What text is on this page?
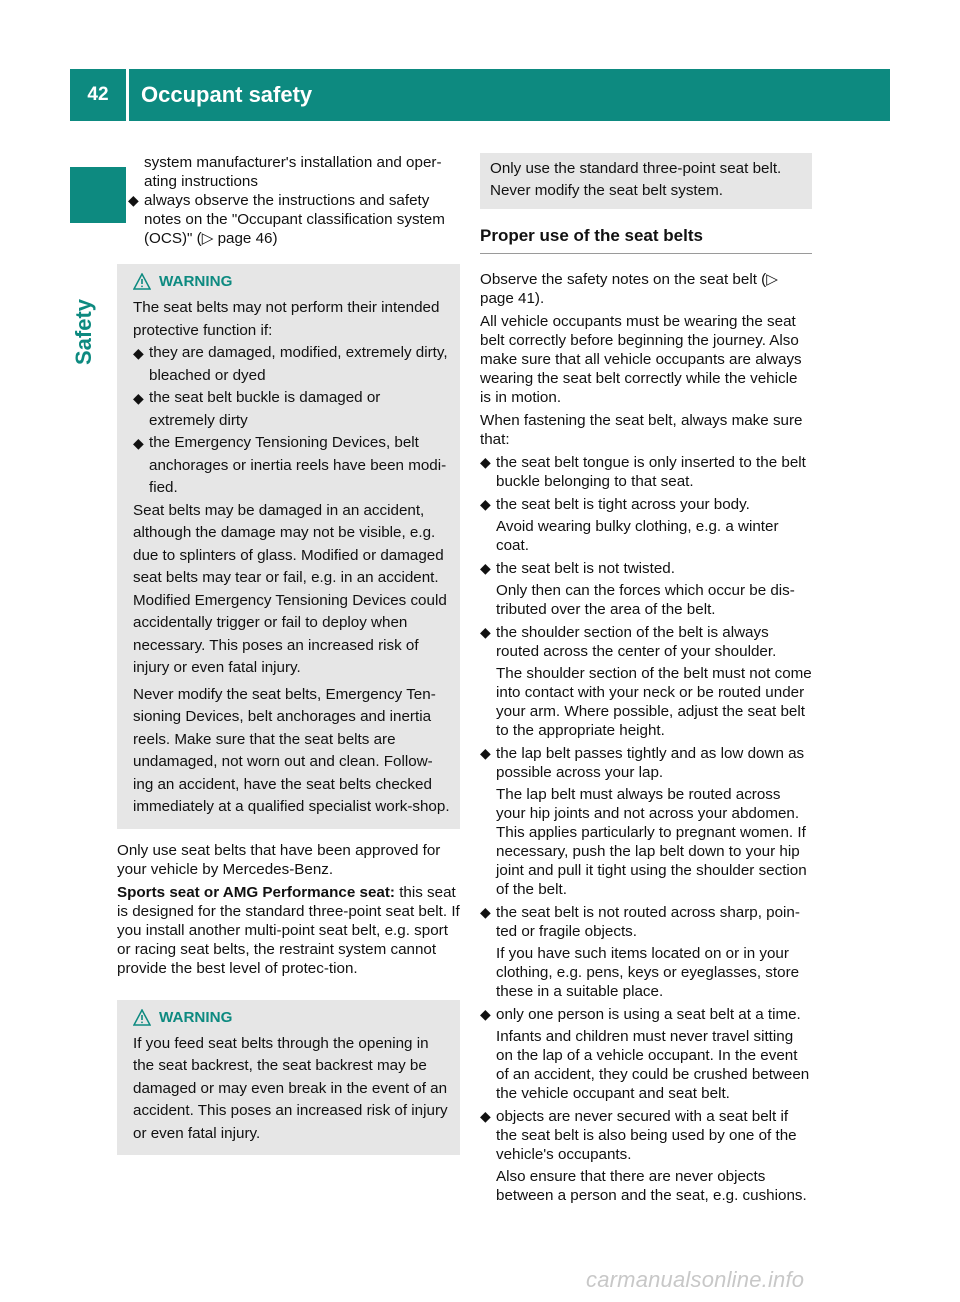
42	Occupant safety
Safety
system manufacturer's installation and oper-
ating instructions
◆ always observe the instructions and safety notes on the "Occupant classification system (OCS)" (▷ page 46)
WARNING

The seat belts may not perform their intended protective function if:

◆ they are damaged, modified, extremely dirty, bleached or dyed
◆ the seat belt buckle is damaged or extremely dirty
◆ the Emergency Tensioning Devices, belt anchorages or inertia reels have been modi-fied.

Seat belts may be damaged in an accident, although the damage may not be visible, e.g. due to splinters of glass. Modified or damaged seat belts may tear or fail, e.g. in an accident. Modified Emergency Tensioning Devices could accidentally trigger or fail to deploy when necessary. This poses an increased risk of injury or even fatal injury.

Never modify the seat belts, Emergency Ten-sioning Devices, belt anchorages and inertia reels. Make sure that the seat belts are undamaged, not worn out and clean. Follow-ing an accident, have the seat belts checked immediately at a qualified specialist work-shop.

Only use seat belts that have been approved for your vehicle by Mercedes-Benz.

Sports seat or AMG Performance seat: this seat is designed for the standard three-point seat belt. If you install another multi-point seat belt, e.g. sport or racing seat belts, the restraint system cannot provide the best level of protec-tion.

WARNING

If you feed seat belts through the opening in the seat backrest, the seat backrest may be damaged or may even break in the event of an accident. This poses an increased risk of injury or even fatal injury.

Only use the standard three-point seat belt. Never modify the seat belt system.
Proper use of the seat belts

Observe the safety notes on the seat belt (▷ page 41).

All vehicle occupants must be wearing the seat belt correctly before beginning the journey. Also make sure that all vehicle occupants are always wearing the seat belt correctly while the vehicle is in motion.

When fastening the seat belt, always make sure that:

◆ the seat belt tongue is only inserted to the belt buckle belonging to that seat.
◆ the seat belt is tight across your body.
Avoid wearing bulky clothing, e.g. a winter coat.
◆ the seat belt is not twisted.
Only then can the forces which occur be dis-tributed over the area of the belt.
◆ the shoulder section of the belt is always routed across the center of your shoulder.
The shoulder section of the belt must not come into contact with your neck or be routed under your arm. Where possible, adjust the seat belt to the appropriate height.
◆ the lap belt passes tightly and as low down as possible across your lap.
The lap belt must always be routed across your hip joints and not across your abdomen. This applies particularly to pregnant women. If necessary, push the lap belt down to your hip joint and pull it tight using the shoulder section of the belt.
◆ the seat belt is not routed across sharp, poin-ted or fragile objects.
If you have such items located on or in your clothing, e.g. pens, keys or eyeglasses, store these in a suitable place.
◆ only one person is using a seat belt at a time.
Infants and children must never travel sitting on the lap of a vehicle occupant. In the event of an accident, they could be crushed between the vehicle occupant and seat belt.
◆ objects are never secured with a seat belt if the seat belt is also being used by one of the vehicle's occupants.
Also ensure that there are never objects between a person and the seat, e.g. cushions.
carmanualsonline.info
